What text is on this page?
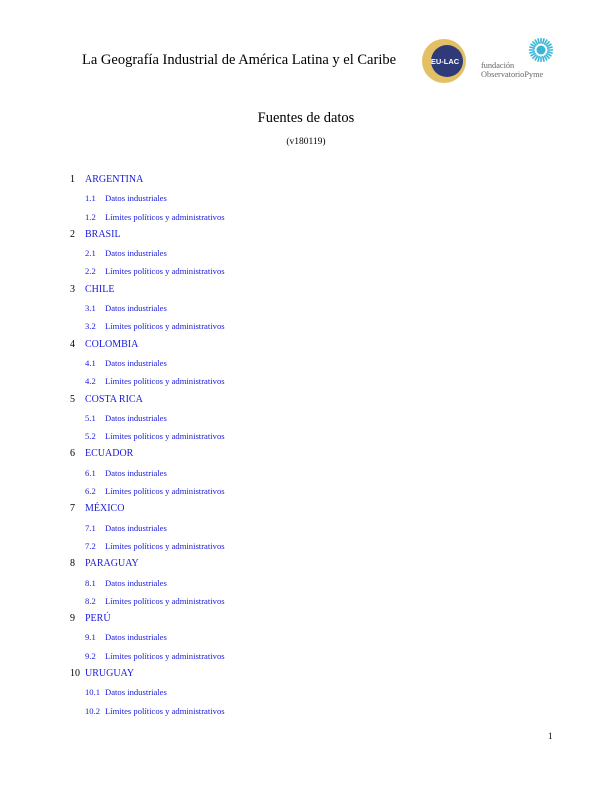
La Geografía Industrial de América Latina y el Caribe	EU-LAC	fundación
ObservatorioPyme
Fuentes de datos
(v180119)
1 ARGENTINA
1.1 Datos industriales
1.2 Límites políticos y administrativos
2 BRASIL
2.1 Datos industriales
2.2 Límites políticos y administrativos
3 CHILE
3.1 Datos industriales
3.2 Límites políticos y administrativos
4 COLOMBIA
4.1 Datos industriales
4.2 Límites políticos y administrativos
5 COSTA RICA
5.1 Datos industriales
5.2 Límites políticos y administrativos
6 ECUADOR
6.1 Datos industriales
6.2 Límites políticos y administrativos
7 MÉXICO
7.1 Datos industriales
7.2 Límites políticos y administrativos
8 PARAGUAY
8.1 Datos industriales
8.2 Límites políticos y administrativos
9 PERÚ
9.1 Datos industriales
9.2 Límites políticos y administrativos
10 URUGUAY
10.1 Datos industriales
10.2 Límites políticos y administrativos
1
